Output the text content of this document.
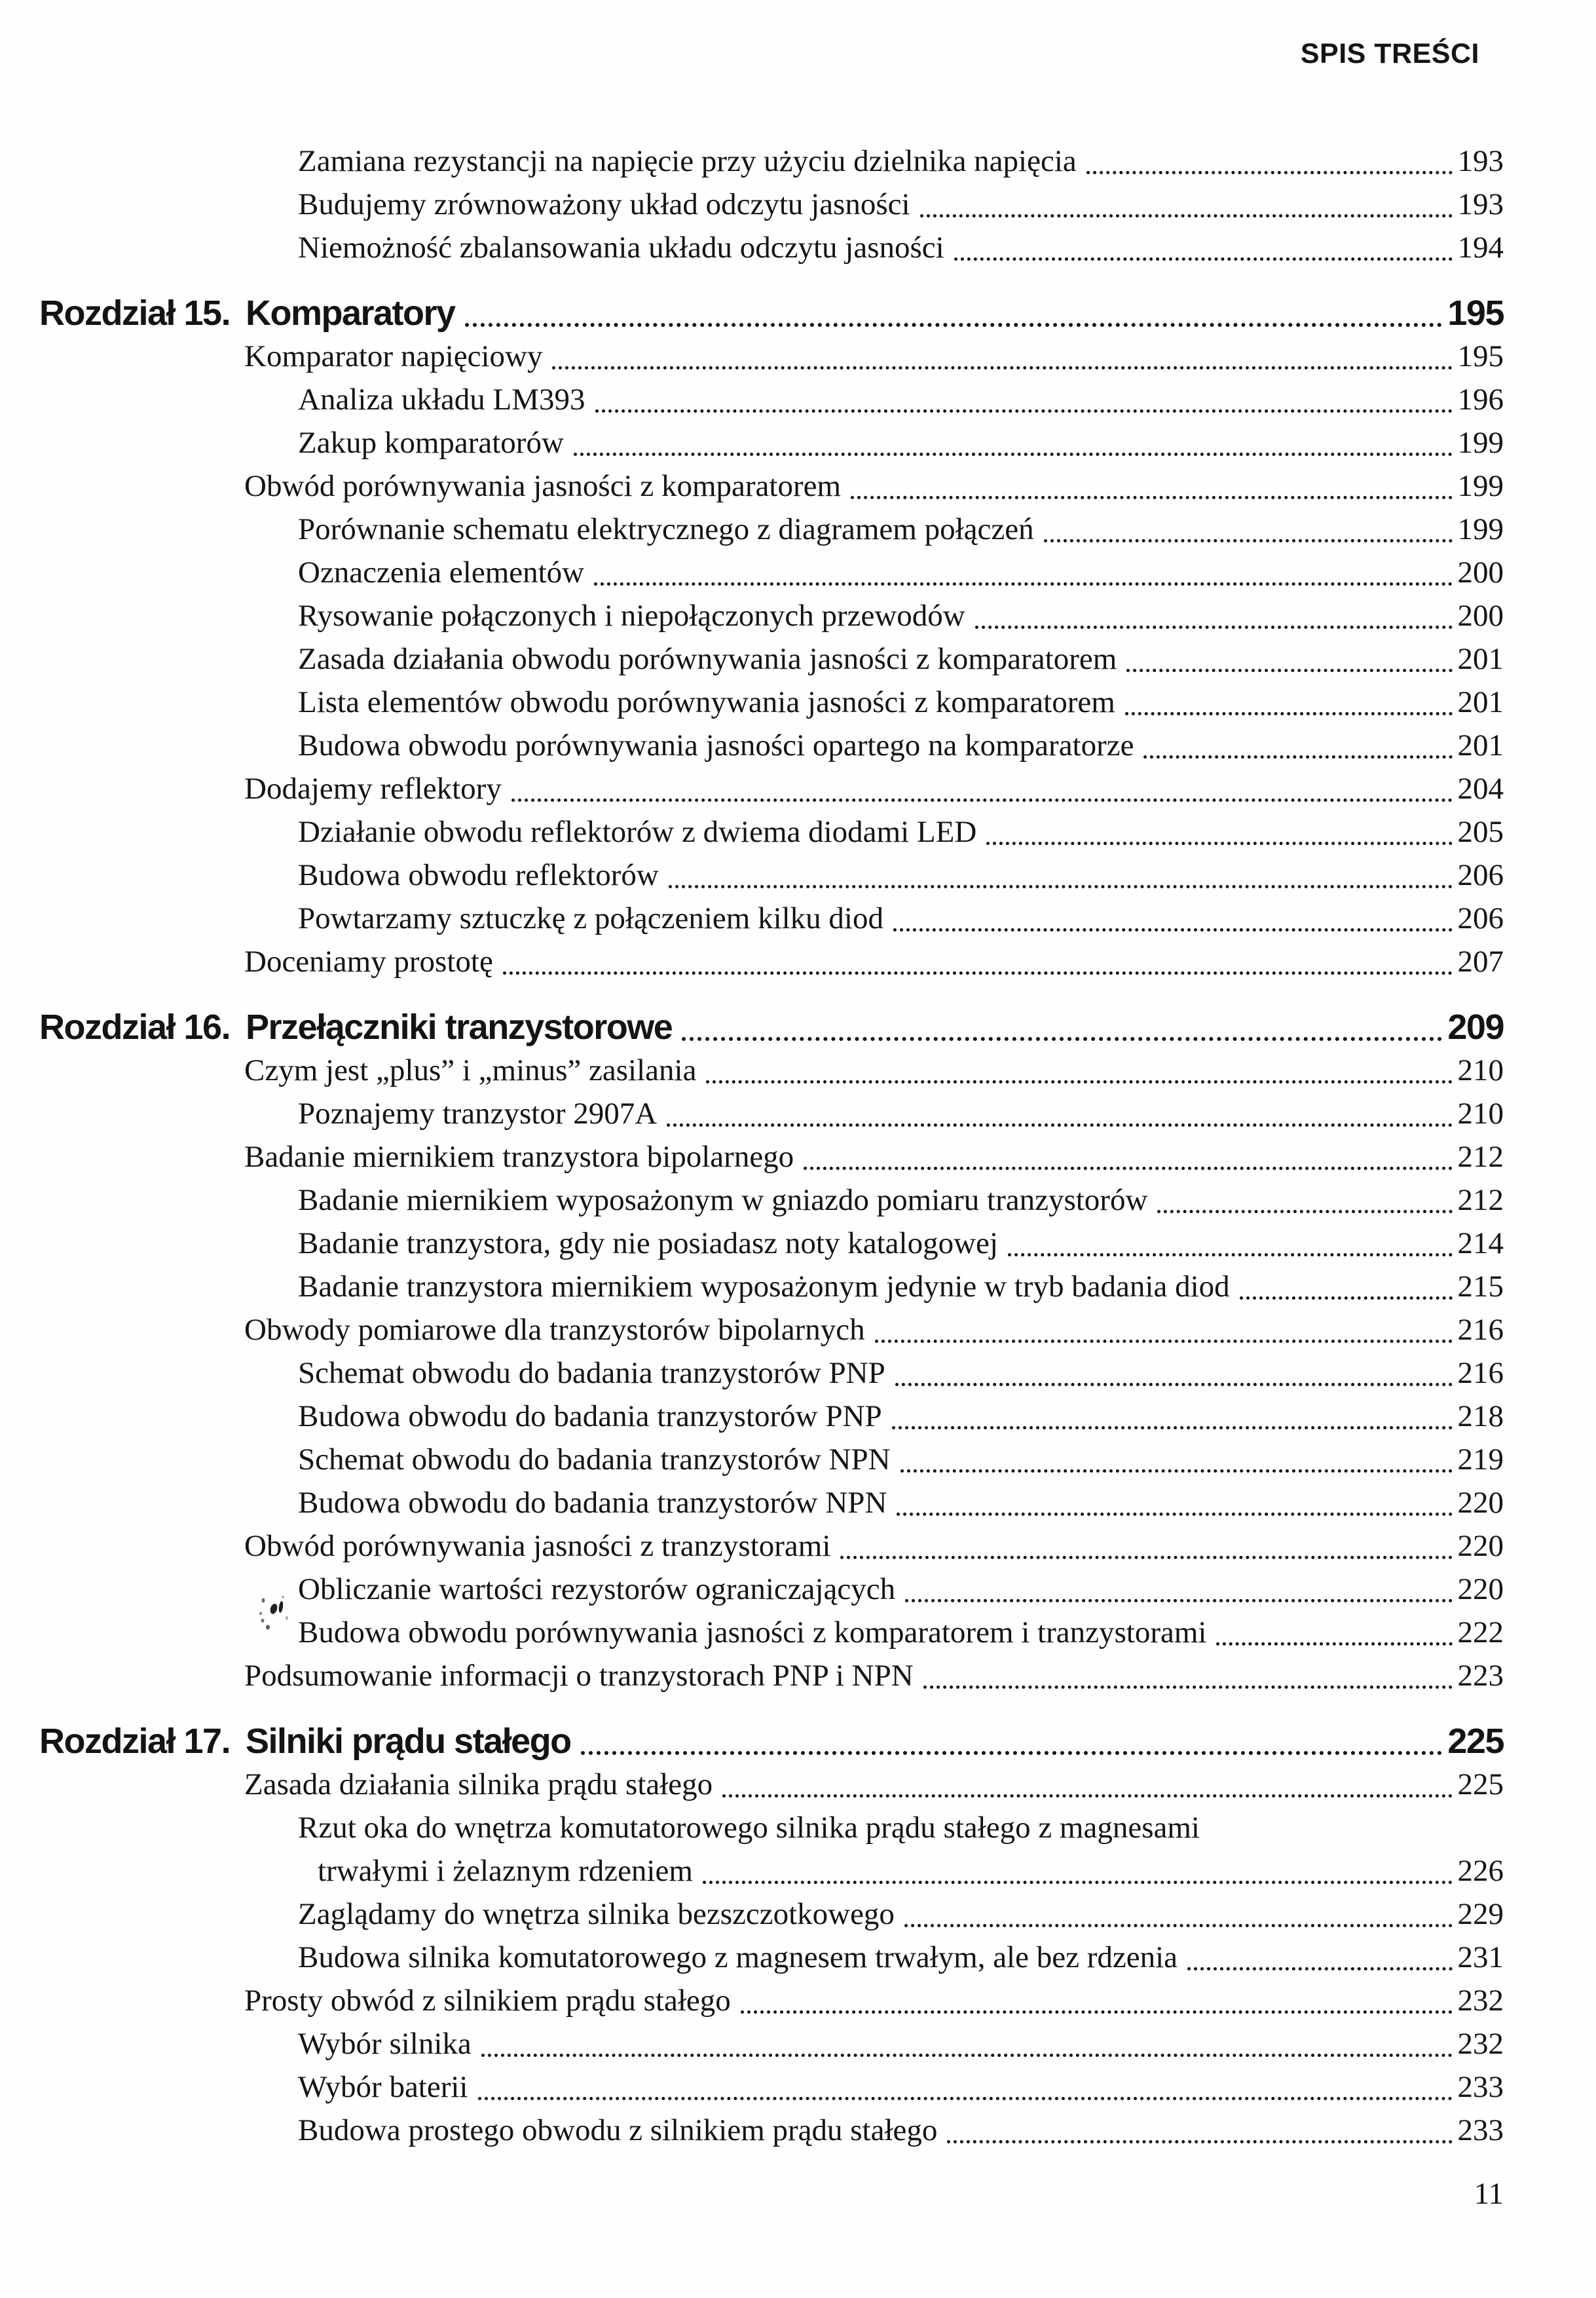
SPIS TREŚCI
Zamiana rezystancji na napięcie przy użyciu dzielnika napięcia	193
Budujemy zrównoważony układ odczytu jasności	193
Niemożność zbalansowania układu odczytu jasności	194
Rozdział 15. Komparatory	195
Komparator napięciowy	195
Analiza układu LM393	196
Zakup komparatorów	199
Obwód porównywania jasności z komparatorem	199
Porównanie schematu elektrycznego z diagramem połączeń	199
Oznaczenia elementów	200
Rysowanie połączonych i niepołączonych przewodów	200
Zasada działania obwodu porównywania jasności z komparatorem	201
Lista elementów obwodu porównywania jasności z komparatorem	201
Budowa obwodu porównywania jasności opartego na komparatorze	201
Dodajemy reflektory	204
Działanie obwodu reflektorów z dwiema diodami LED	205
Budowa obwodu reflektorów	206
Powtarzamy sztuczkę z połączeniem kilku diod	206
Doceniamy prostotę	207
Rozdział 16. Przełączniki tranzystorowe	209
Czym jest „plus” i „minus” zasilania	210
Poznajemy tranzystor 2907A	210
Badanie miernikiem tranzystora bipolarnego	212
Badanie miernikiem wyposażonym w gniazdo pomiaru tranzystorów	212
Badanie tranzystora, gdy nie posiadasz noty katalogowej	214
Badanie tranzystora miernikiem wyposażonym jedynie w tryb badania diod	215
Obwody pomiarowe dla tranzystorów bipolarnych	216
Schemat obwodu do badania tranzystorów PNP	216
Budowa obwodu do badania tranzystorów PNP	218
Schemat obwodu do badania tranzystorów NPN	219
Budowa obwodu do badania tranzystorów NPN	220
Obwód porównywania jasności z tranzystorami	220
Obliczanie wartości rezystorów ograniczających	220
Budowa obwodu porównywania jasności z komparatorem i tranzystorami	222
Podsumowanie informacji o tranzystorach PNP i NPN	223
Rozdział 17. Silniki prądu stałego	225
Zasada działania silnika prądu stałego	225
Rzut oka do wnętrza komutatorowego silnika prądu stałego z magnesami
trwałymi i żelaznym rdzeniem	226
Zaglądamy do wnętrza silnika bezszczotkowego	229
Budowa silnika komutatorowego z magnesem trwałym, ale bez rdzenia	231
Prosty obwód z silnikiem prądu stałego	232
Wybór silnika	232
Wybór baterii	233
Budowa prostego obwodu z silnikiem prądu stałego	233
11
